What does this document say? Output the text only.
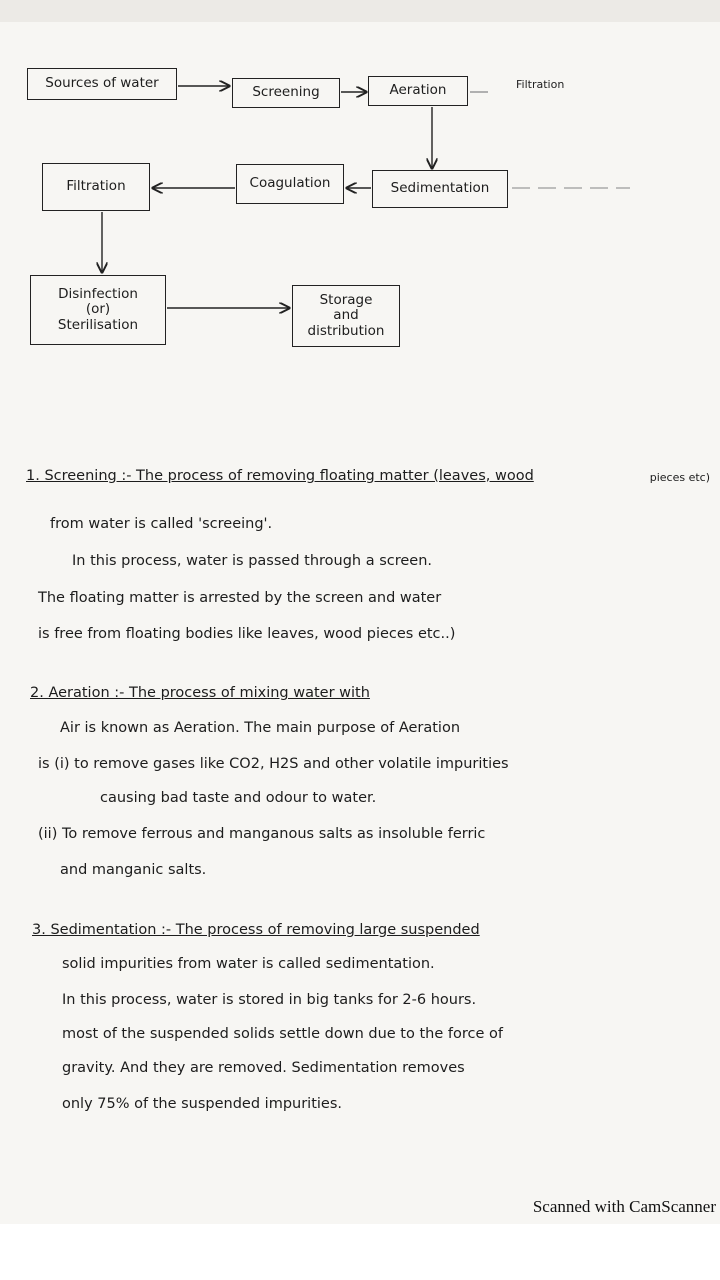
Sources of water
Screening	Aeration	Filtration
Filtration	Coagulation	Sedimentation
Disinfection
(or)
Sterilisation
Storage
and
distribution
1. Screening :- The process of removing floating matter (leaves, wood	pieces etc)
from water is called 'screeing'.
In this process, water is passed through a screen.
The floating matter is arrested by the screen and water
is free from floating bodies like leaves, wood pieces etc..)
2. Aeration :- The process of mixing water with
Air is known as Aeration. The main purpose of Aeration
is (i) to remove gases like CO2, H2S and other volatile impurities
causing bad taste and odour to water.
(ii) To remove ferrous and manganous salts as insoluble ferric
and manganic salts.
3. Sedimentation :- The process of removing large suspended
solid impurities from water is called sedimentation.
In this process, water is stored in big tanks for 2-6 hours.
most of the suspended solids settle down due to the force of
gravity. And they are removed. Sedimentation removes
only 75% of the suspended impurities.
Scanned with CamScanner
